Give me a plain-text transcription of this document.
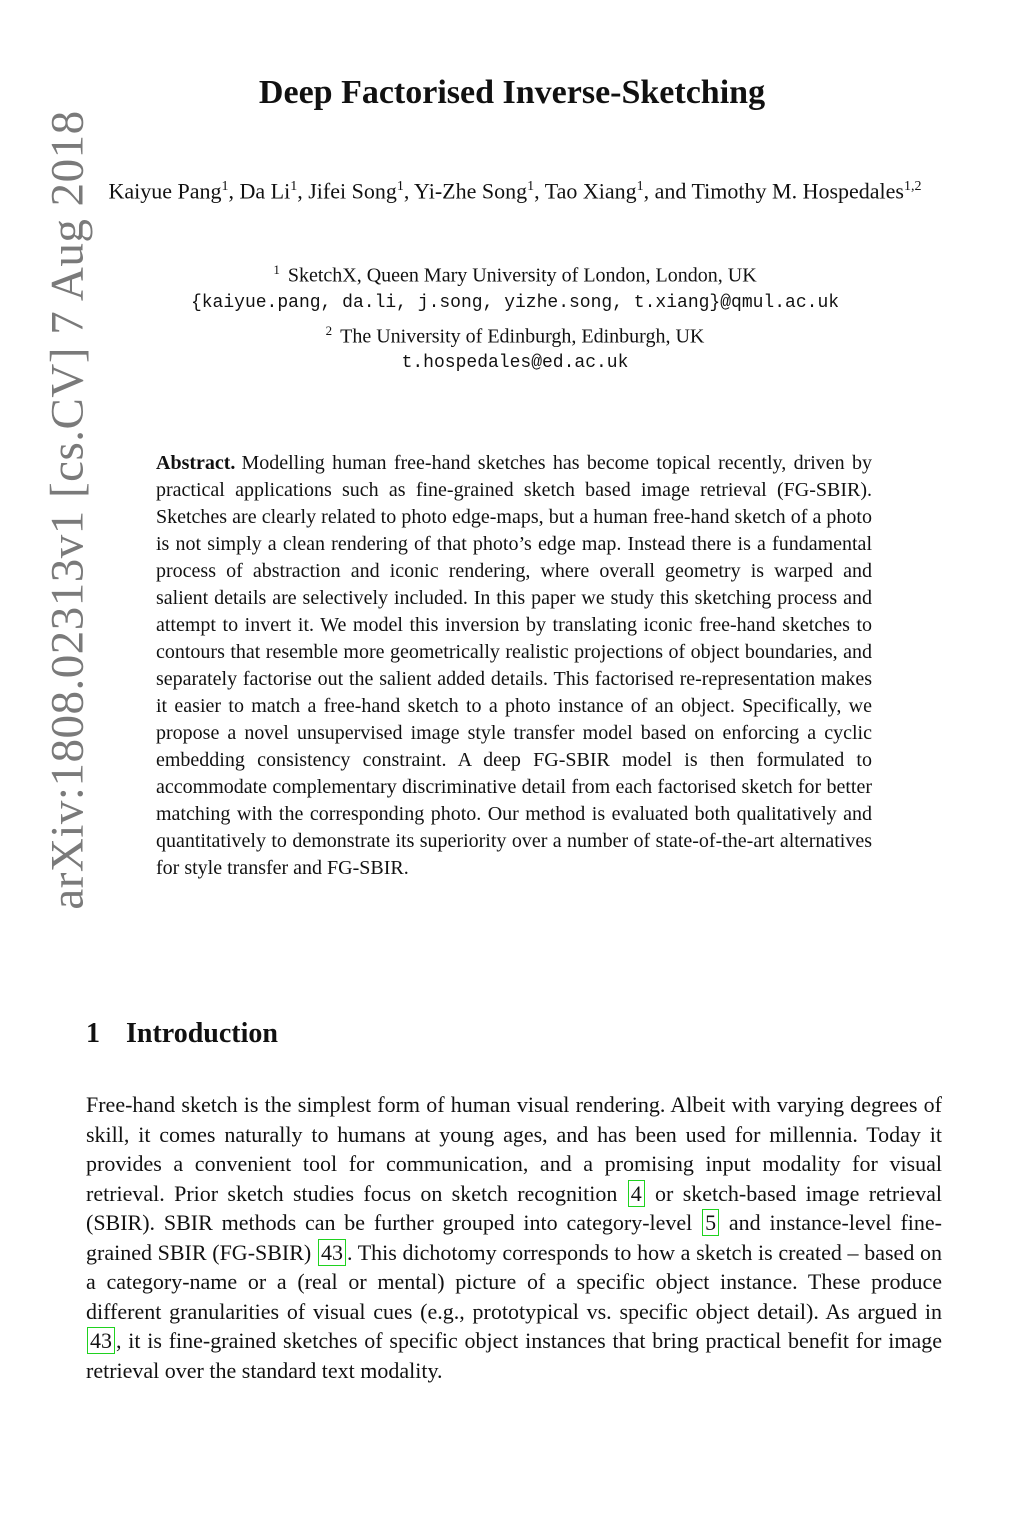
arXiv:1808.02313v1 [cs.CV] 7 Aug 2018
Deep Factorised Inverse-Sketching
Kaiyue Pang$^1$, Da Li$^1$, Jifei Song$^1$, Yi-Zhe Song$^1$, Tao Xiang$^1$, and Timothy M. Hospedales$^{1,2}$
$^1$ SketchX, Queen Mary University of London, London, UK
{kaiyue.pang, da.li, j.song, yizhe.song, t.xiang}@qmul.ac.uk
$^2$ The University of Edinburgh, Edinburgh, UK
t.hospedales@ed.ac.uk
Abstract. Modelling human free-hand sketches has become topical recently, driven by practical applications such as fine-grained sketch based image retrieval (FG-SBIR). Sketches are clearly related to photo edge-maps, but a human free-hand sketch of a photo is not simply a clean rendering of that photo’s edge map. Instead there is a fundamental process of abstraction and iconic rendering, where overall geometry is warped and salient details are selectively included. In this paper we study this sketching process and attempt to invert it. We model this inversion by translating iconic free-hand sketches to contours that resemble more geometrically realistic projections of object boundaries, and separately factorise out the salient added details. This factorised re-representation makes it easier to match a free-hand sketch to a photo instance of an object. Specifically, we propose a novel unsupervised image style transfer model based on enforcing a cyclic embedding consistency constraint. A deep FG-SBIR model is then formulated to accommodate complementary discriminative detail from each factorised sketch for better matching with the corresponding photo. Our method is evaluated both qualitatively and quantitatively to demonstrate its superiority over a number of state-of-the-art alternatives for style transfer and FG-SBIR.
1 Introduction
Free-hand sketch is the simplest form of human visual rendering. Albeit with varying degrees of skill, it comes naturally to humans at young ages, and has been used for millennia. Today it provides a convenient tool for communication, and a promising input modality for visual retrieval. Prior sketch studies focus on sketch recognition 4 or sketch-based image retrieval (SBIR). SBIR methods can be further grouped into category-level 5 and instance-level fine-grained SBIR (FG-SBIR) 43 . This dichotomy corresponds to how a sketch is created – based on a category-name or a (real or mental) picture of a specific object instance. These produce different granularities of visual cues (e.g., prototypical vs. specific object detail). As argued in 43 , it is fine-grained sketches of specific object instances that bring practical benefit for image retrieval over the standard text modality.
